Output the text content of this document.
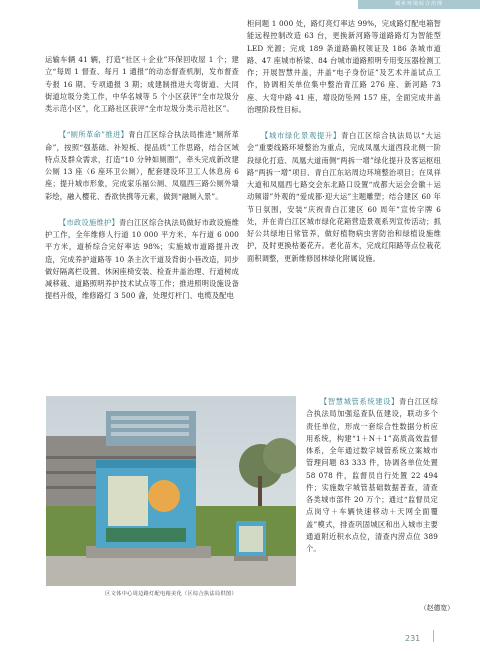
城乡环境综合治理

运输车辆 41 辆，打造“社区＋企业”环保回收屋 1 个；建立“每周 1 督查、每月 1 通报”的动态督查机制，发布督查专报 16 期、专项通报 3 期；成建制推进大弯街道、大同街道垃圾分类工作，中华名城等 5 个小区获评“全市垃圾分类示范小区”，化工路社区获评“全市垃圾分类示范社区”。

【“厕所革命”推进】青白江区综合执法局推进“厕所革命”，按照“强基础、补短板、提品质”工作思路，结合区域特点及群众需求，打造“10 分钟如厕圈”，牵头完成新改建公厕 13 座（6 座环卫公厕），配套建设环卫工人休息房 6 座；提升城市形象，完成家乐福公厕、凤凰西三路公厕外墙彩绘，融入樱花、香欲快携等元素，做到“融厕入景”。

【市政设施维护】青白江区综合执法局做好市政设施维护工作，全年维修人行道 10 000 平方米、车行道 6 000 平方米，道桥综合完好率达 98%；实施城市道路提升改造，完成养护道路等 10 条主次干道及背街小巷改造，同步做好隔离栏设置、休闲座椅安装、检查井盖治理、行道树成减移栽、道路照明养护技术试点等工作；推进照明设施设备提档升级，维修路灯 3 500 盏，处理灯杆门、电缆及配电

柜问题 1 000 处，路灯亮灯率达 99%，完成路灯配电箱智能远程控制改造 63 台，更换新河路等道路路灯为智能型 LED 光源；完成 189 条道路确权领证及 186 条城市道路、47 座城市桥梁、84 台城市道路照明专用变压器检测工作；开展智慧井盖，井盖“电子身份证”及艺术井盖试点工作，协调相关单位集中整治青江路 276 座、新河路 73 座、大弯中路 41 座，增设防坠网 157 座，全面完成井盖治理阶段性目标。

【城市绿化景观提升】青白江区综合执法局以“大运会”重要线路环境整治为重点，完成凤凰大道西段北侧一阶段绿化打造、凤凰大道南侧“两拆一增”绿化提升及客运枢纽路“两拆一增”项目、青白江东站周边环境整治项目；在凤祥大道和凤凰西七路交会东北路口设置“成都大运会会徽＋运动频谱”外观的“爱成都·迎大运”主题雕塑；结合建区 60 年节日氛围，安装“庆祝青白江建区 60 周年”宣传字牌 6 处，并在青白江区城市绿化花箱营造景观系列宣传活动；抓好公共绿地日常管养，做好植物病虫害防治和绿植设施维护，及时更换枯萎花卉。老化苗木，完成红阳路等点位栽花面积调整，更新维修园林绿化附属设施。

【智慧城管系统建设】青白江区综合执法局加强巡查队伍建设，联动多个责任单位，形成一套综合性数据分析应用系统，构建“1＋N＋1”高质高效监督体系，全年通过数字城管系统立案城市管理问题 83 333 件，协调各单位处置 58 078 件，监督员自行处置 22 494 件；实施数字城管基础数据普查，清查各类城市部件 20 万个；通过“监督员定点岗守＋车辆快速移动＋天网全面覆盖”模式，排查巩固城区和出入城市主要通道附近积水点位，清查内涝点位 389 个。

区文体中心周边路灯配电箱美化（区综合执法局供图）
（赵德宽）
231
